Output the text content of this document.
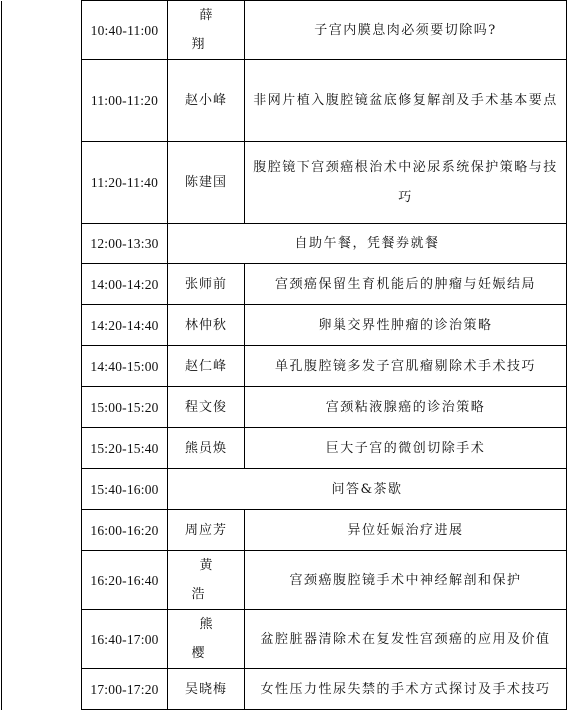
	10:40-11:00	薛　翔	子宫内膜息肉必须要切除吗?
	11:00-11:20	赵小峰	非网片植入腹腔镜盆底修复解剖及手术基本要点
	11:20-11:40	陈建国	腹腔镜下宫颈癌根治术中泌尿系统保护策略与技巧
	12:00-13:30	自助午餐，凭餐券就餐	
	14:00-14:20	张师前	宫颈癌保留生育机能后的肿瘤与妊娠结局
	14:20-14:40	林仲秋	卵巢交界性肿瘤的诊治策略
	14:40-15:00	赵仁峰	单孔腹腔镜多发子宫肌瘤剔除术手术技巧
	15:00-15:20	程文俊	宫颈粘液腺癌的诊治策略
	15:20-15:40	熊员焕	巨大子宫的微创切除手术
	15:40-16:00	问答&茶歇	
	16:00-16:20	周应芳	异位妊娠治疗进展
	16:20-16:40	黄　浩	宫颈癌腹腔镜手术中神经解剖和保护
	16:40-17:00	熊　樱	盆腔脏器清除术在复发性宫颈癌的应用及价值
	17:00-17:20	吴晓梅	女性压力性尿失禁的手术方式探讨及手术技巧
